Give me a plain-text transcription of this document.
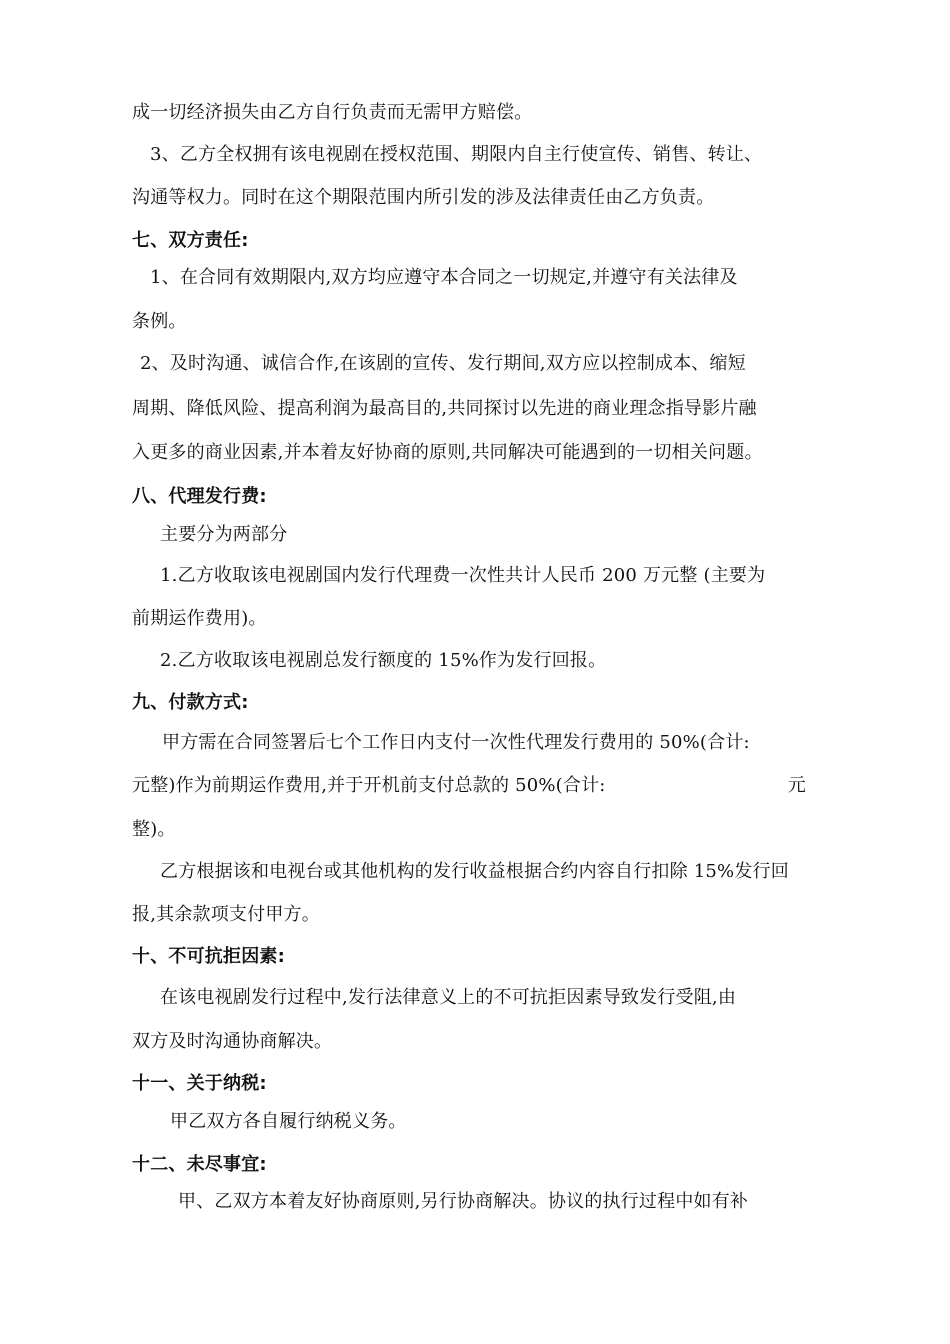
成一切经济损失由乙方自行负责而无需甲方赔偿。
3、乙方全权拥有该电视剧在授权范围、期限内自主行使宣传、销售、转让、
沟通等权力。同时在这个期限范围内所引发的涉及法律责任由乙方负责。
七、双方责任:
1、在合同有效期限内,双方均应遵守本合同之一切规定,并遵守有关法律及
条例。
2、及时沟通、诚信合作,在该剧的宣传、发行期间,双方应以控制成本、缩短
周期、降低风险、提高利润为最高目的,共同探讨以先进的商业理念指导影片融
入更多的商业因素,并本着友好协商的原则,共同解决可能遇到的一切相关问题。
八、代理发行费:
主要分为两部分
1.乙方收取该电视剧国内发行代理费一次性共计人民币 200 万元整 (主要为
前期运作费用)。
2.乙方收取该电视剧总发行额度的 15%作为发行回报。
九、付款方式:
甲方需在合同签署后七个工作日内支付一次性代理发行费用的 50%(合计:
元整)作为前期运作费用,并于开机前支付总款的 50%(合计:	元
整)。
乙方根据该和电视台或其他机构的发行收益根据合约内容自行扣除 15%发行回
报,其余款项支付甲方。
十、不可抗拒因素:
在该电视剧发行过程中,发行法律意义上的不可抗拒因素导致发行受阻,由
双方及时沟通协商解决。
十一、关于纳税:
甲乙双方各自履行纳税义务。
十二、未尽事宜:
甲、乙双方本着友好协商原则,另行协商解决。协议的执行过程中如有补
